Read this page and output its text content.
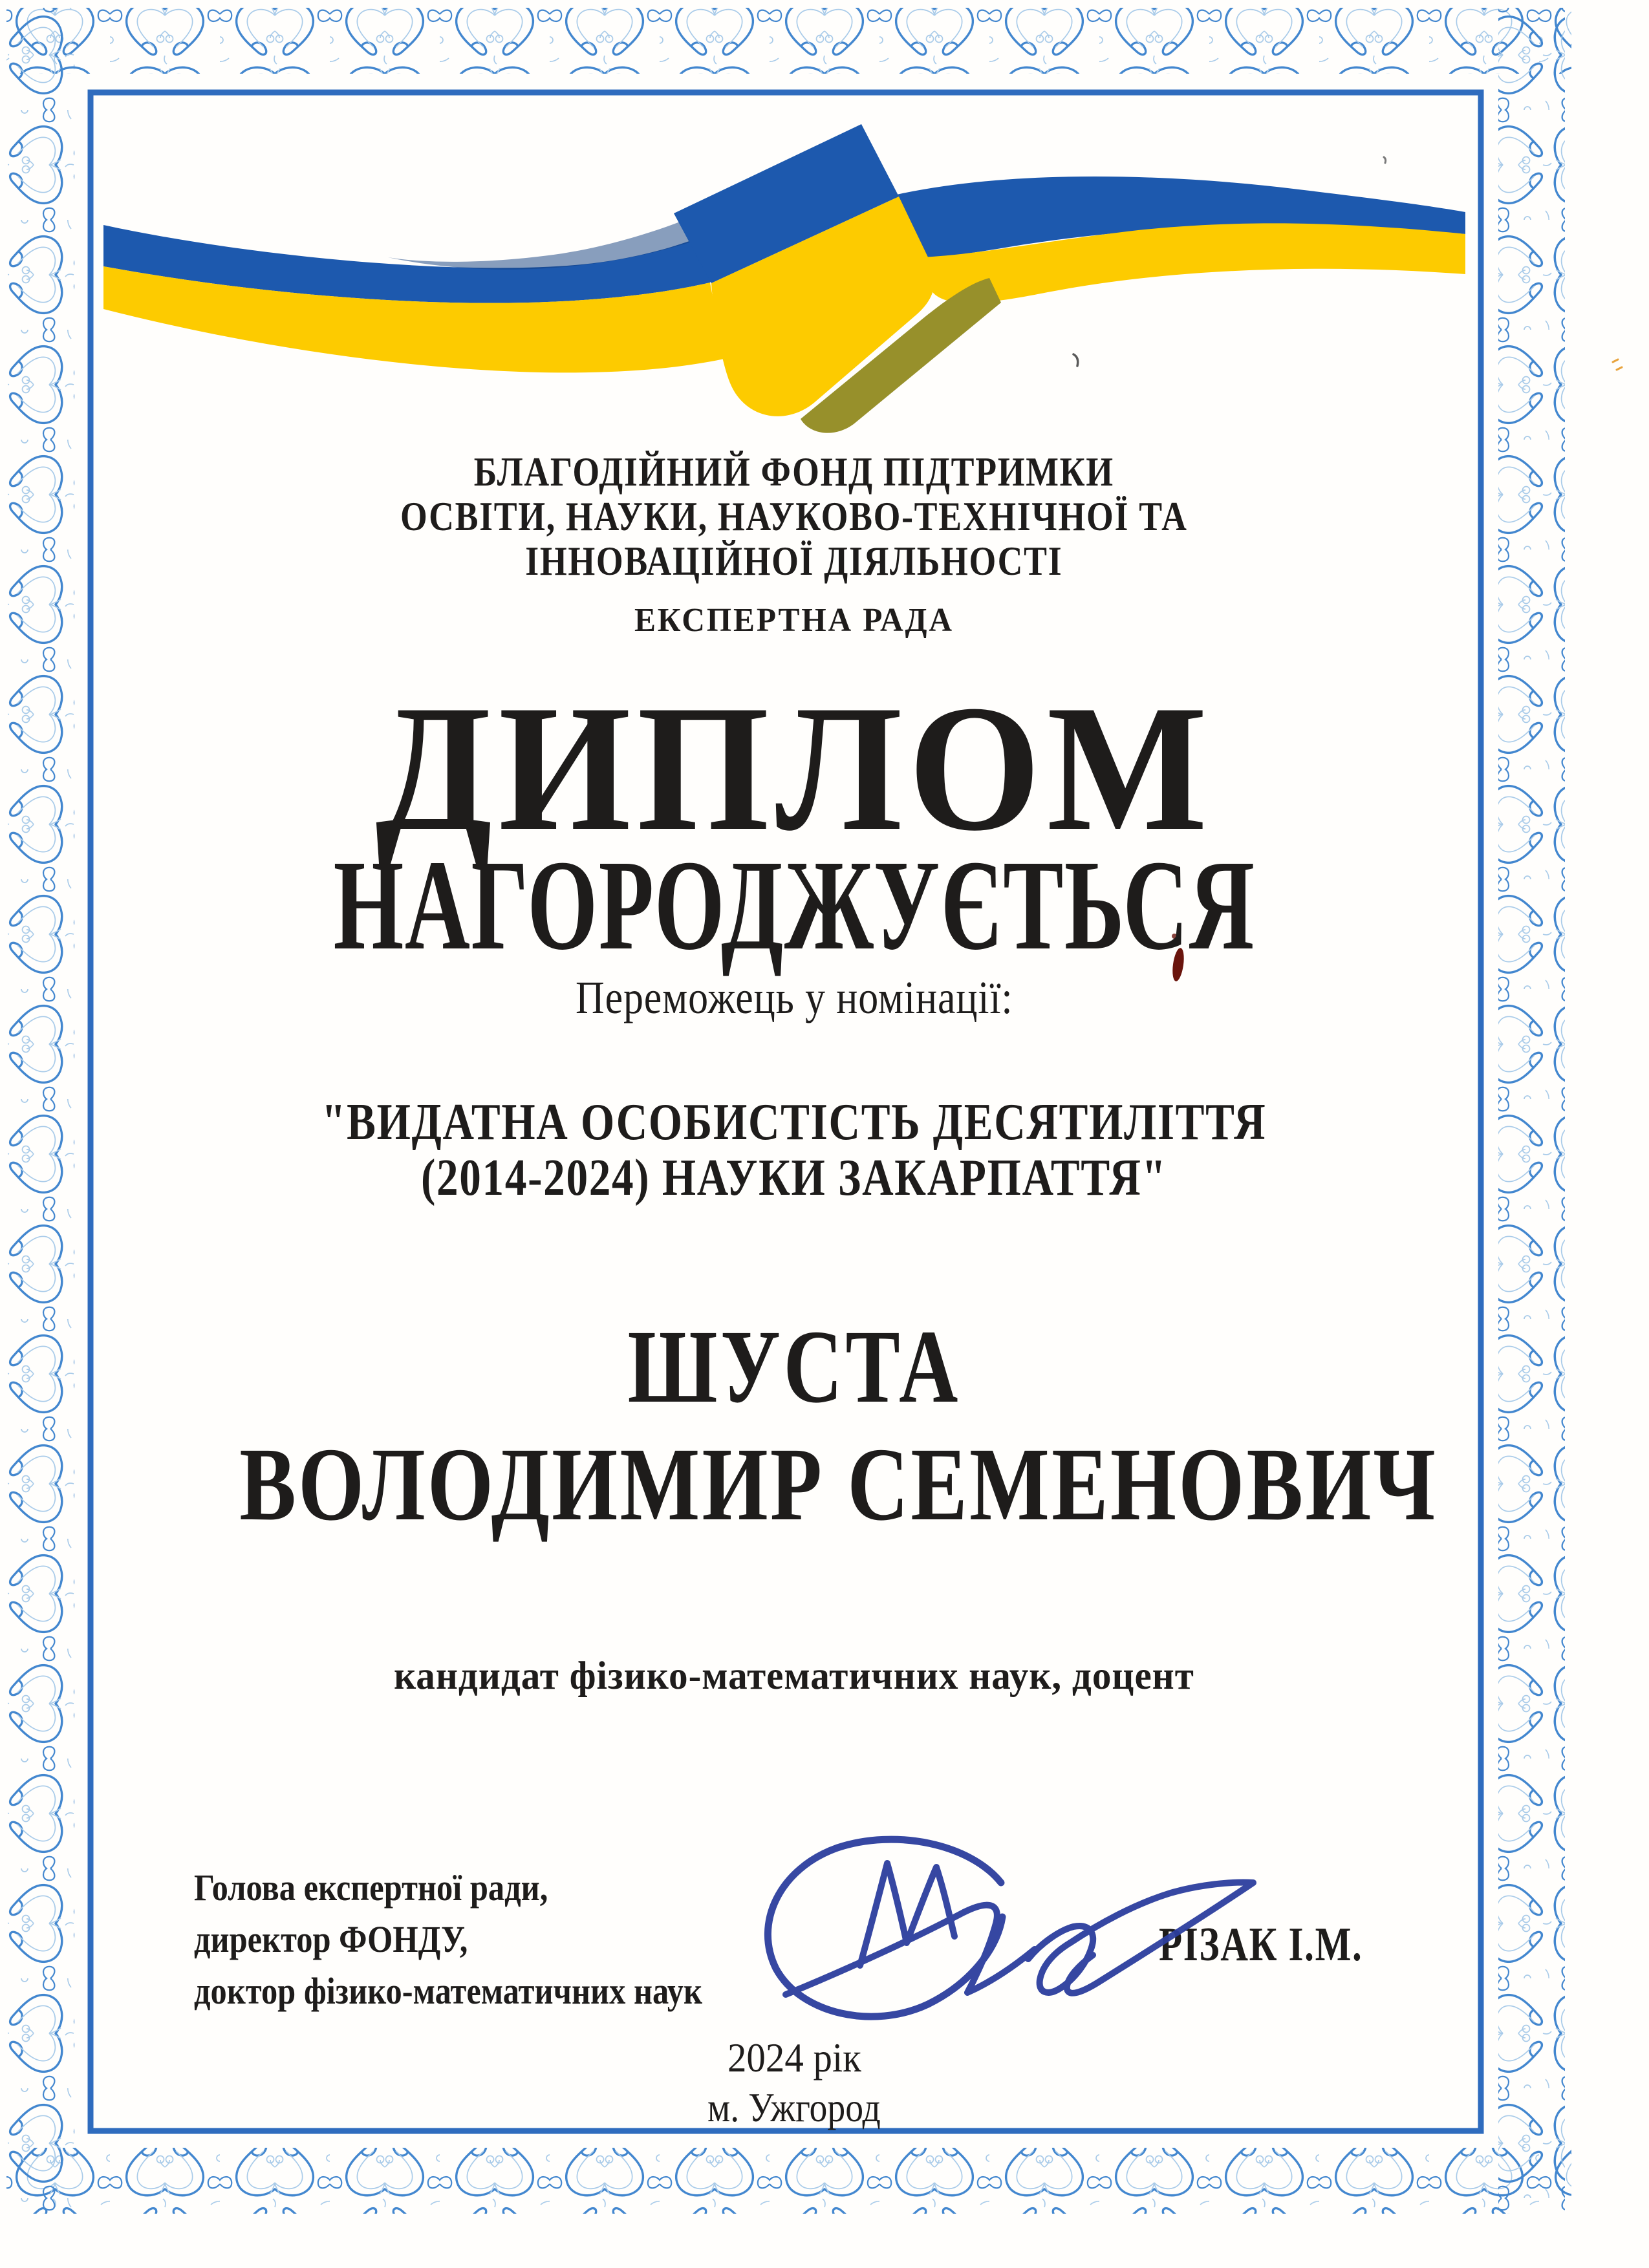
БЛАГОДІЙНИЙ ФОНД ПІДТРИМКИ
ОСВІТИ, НАУКИ, НАУКОВО-ТЕХНІЧНОЇ ТА
ІННОВАЦІЙНОЇ ДІЯЛЬНОСТІ
ЕКСПЕРТНА РАДА
ДИПЛОМ
НАГОРОДЖУЄТЬСЯ
Переможець у номінації:
"ВИДАТНА ОСОБИСТІСТЬ ДЕСЯТИЛІТТЯ
(2014-2024) НАУКИ ЗАКАРПАТТЯ"
ШУСТА
ВОЛОДИМИР СЕМЕНОВИЧ
кандидат фізико-математичних наук, доцент
Голова експертної ради,
директор ФОНДУ,
доктор фізико-математичних наук
РІЗАК І.М.
2024 рік
м. Ужгород
